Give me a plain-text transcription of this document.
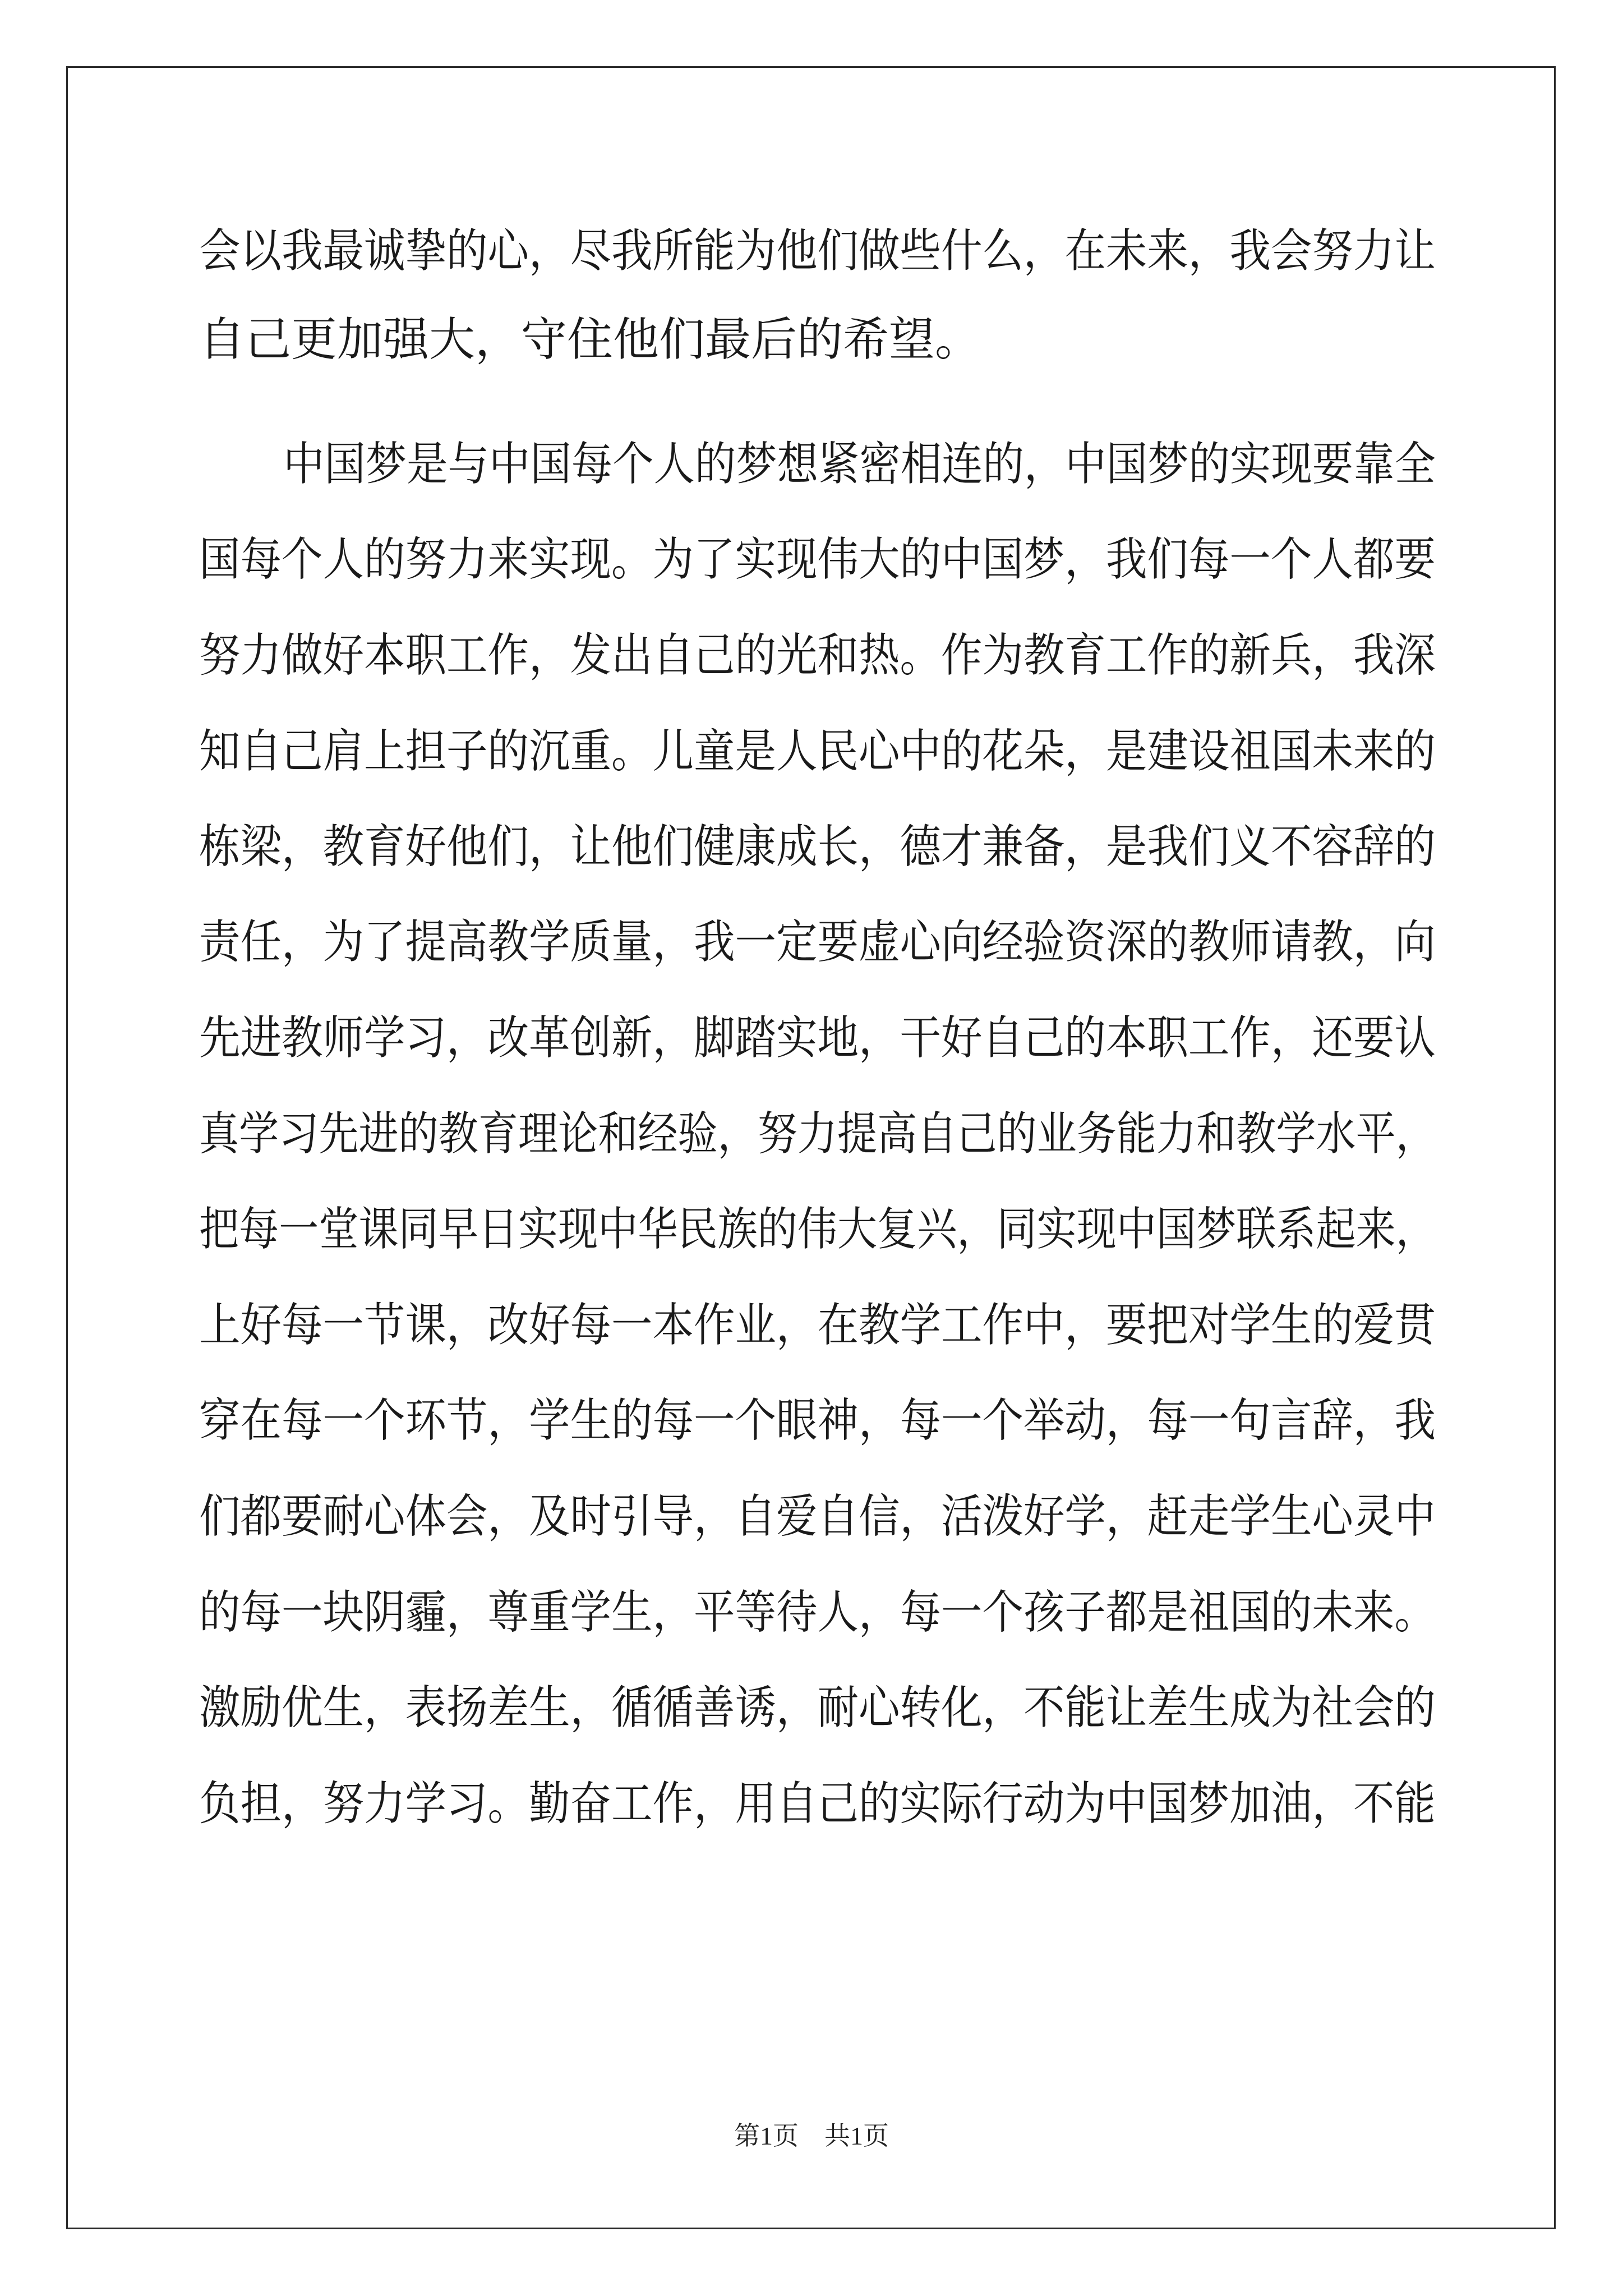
会以我最诚挚的心，尽我所能为他们做些什么，在未来，我会努力让
自己更加强大，守住他们最后的希望。
中国梦是与中国每个人的梦想紧密相连的，中国梦的实现要靠全
国每个人的努力来实现。为了实现伟大的中国梦，我们每一个人都要
努力做好本职工作，发出自己的光和热。作为教育工作的新兵，我深
知自己肩上担子的沉重。儿童是人民心中的花朵，是建设祖国未来的
栋梁，教育好他们，让他们健康成长，德才兼备，是我们义不容辞的
责任，为了提高教学质量，我一定要虚心向经验资深的教师请教，向
先进教师学习，改革创新，脚踏实地，干好自己的本职工作，还要认
真学习先进的教育理论和经验，努力提高自己的业务能力和教学水平，
把每一堂课同早日实现中华民族的伟大复兴，同实现中国梦联系起来，
上好每一节课，改好每一本作业，在教学工作中，要把对学生的爱贯
穿在每一个环节，学生的每一个眼神，每一个举动，每一句言辞，我
们都要耐心体会，及时引导，自爱自信，活泼好学，赶走学生心灵中
的每一块阴霾，尊重学生，平等待人，每一个孩子都是祖国的未来。
激励优生，表扬差生，循循善诱，耐心转化，不能让差生成为社会的
负担，努力学习。勤奋工作，用自己的实际行动为中国梦加油，不能
第1页　共1页
